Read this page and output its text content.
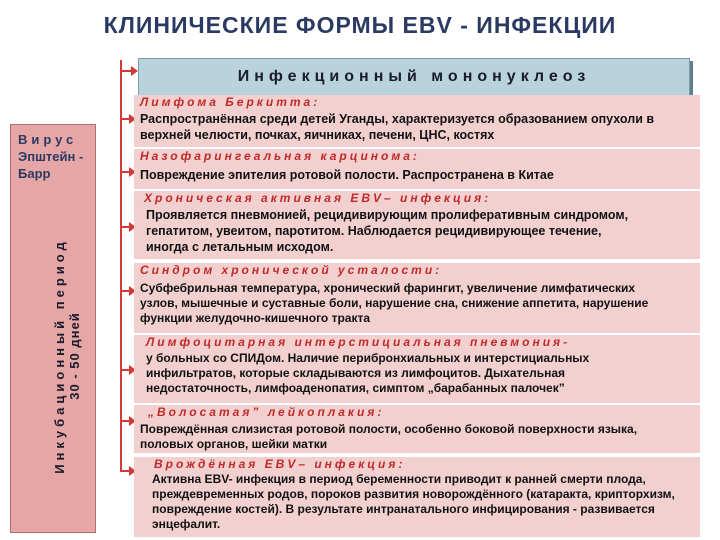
КЛИНИЧЕСКИЕ ФОРМЫ EBV - ИНФЕКЦИИ
Вирус
Эпштейн -
Барр
Инкубационный период 30 - 50 дней
Инфекционный мононуклеоз
Лимфома Беркитта:
Распространённая среди детей Уганды, характеризуется образованием опухоли в верхней челюсти, почках, яичниках, печени, ЦНС, костях
Назофарингеальная карцинома:
Повреждение эпителия ротовой полости. Распространена в Китае
Хроническая активная EBV– инфекция:
Проявляется пневмонией, рецидивирующим пролиферативным синдромом, гепатитом, увеитом, паротитом. Наблюдается рецидивирующее течение, иногда с летальным исходом.
Синдром хронической усталости:
Субфебрильная температура, хронический фарингит, увеличение лимфатических узлов, мышечные и суставные боли, нарушение сна, снижение аппетита, нарушение функции желудочно-кишечного тракта
Лимфоцитарная интерстициальная пневмония-
у больных со СПИДом. Наличие перибронхиальных и интерстициальных инфильтратов, которые складываются из лимфоцитов. Дыхательная недостаточность, лимфоаденопатия, симптом „барабанных палочек”
„Волосатая” лейкоплакия:
Повреждённая слизистая ротовой полости, особенно боковой поверхности языка, половых органов, шейки матки
Врождённая EBV– инфекция:
Активна EBV- инфекция в период беременности приводит к ранней смерти плода, преждевременных родов, пороков развития новорождённого (катаракта, крипторхизм, повреждение костей). В результате интранатального инфицирования - развивается энцефалит.
